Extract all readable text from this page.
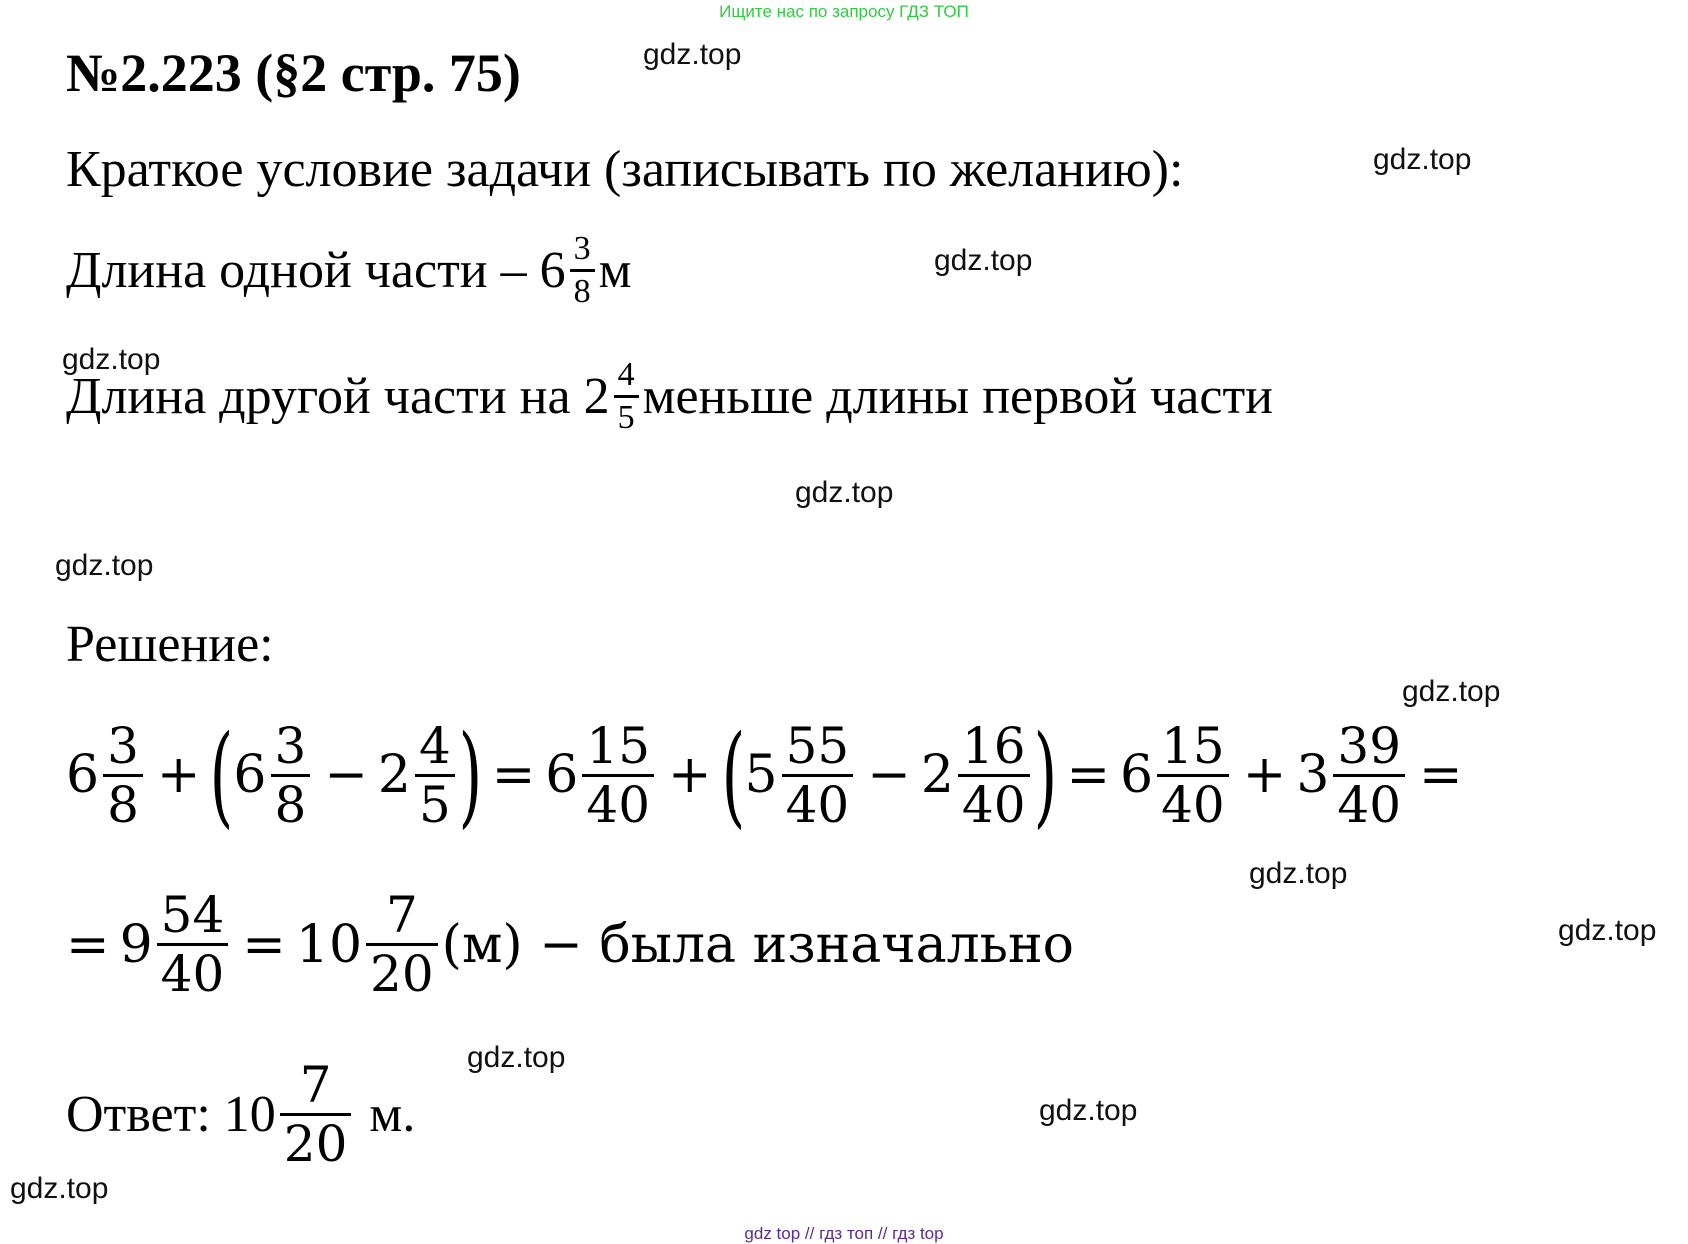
Ищите нас по запросу ГДЗ ТОП
№2.223 (§2 стр. 75)
Краткое условие задачи (записывать по желанию):
Длина одной части – $6 \frac{3}{8}$ м
Длина другой части на $2 \frac{4}{5}$ меньше длины первой части
Решение:
$6 \frac{3}{8}$ + ( $6 \frac{3}{8} - 2 \frac{4}{5}$ ) = $6 \frac{15}{40}$ + ( $5 \frac{55}{40} - 2 \frac{16}{40}$ ) = $6 \frac{15}{40} + 3 \frac{39}{40}$ =
= $9 \frac{54}{40} = 10 \frac{7}{20} (м)$ − была изначально
Ответ: $10 \frac{7}{20} м$.
gdz.top
gdz.top
gdz.top
gdz.top
gdz.top
gdz.top
gdz.top
gdz.top
gdz.top
gdz.top
gdz.top
gdz.top
gdz top // гдз топ // гдз top
